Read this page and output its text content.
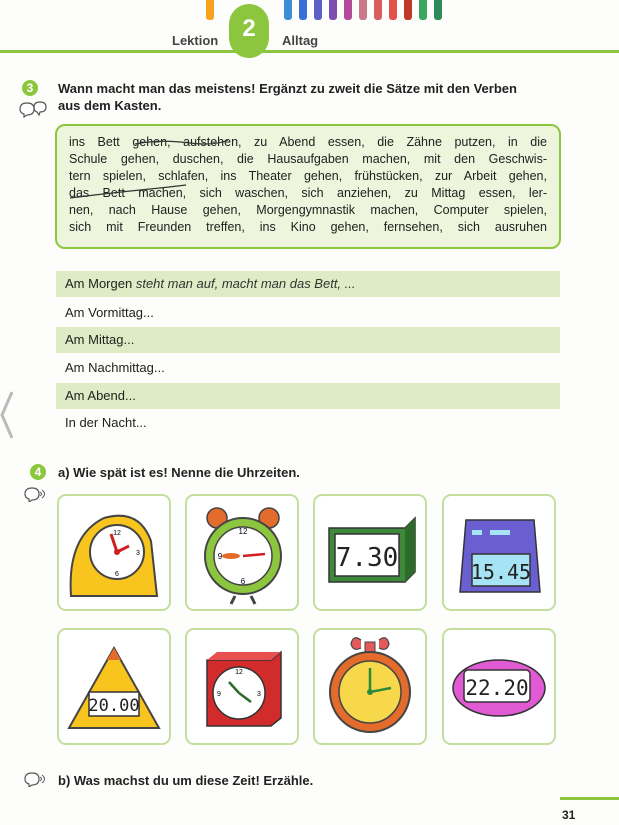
Lektion	2	Alltag
3	Wann macht man das meistens! Ergänzt zu zweit die Sätze mit den Verben
aus dem Kasten.
ins Bett gehen, aufstehen, zu Abend essen, die Zähne putzen, in die
Schule gehen, duschen, die Hausaufgaben machen, mit den Geschwis-
tern spielen, schlafen, ins Theater gehen, frühstücken, zur Arbeit gehen,
das Bett machen, sich waschen, sich anziehen, zu Mittag essen, ler-
nen, nach Hause gehen, Morgengymnastik machen, Computer spielen,
sich mit Freunden treffen, ins Kino gehen, fernsehen, sich ausruhen
Am Morgen steht man auf, macht man das Bett, ...
Am Vormittag...
Am Mittag...
Am Nachmittag...
Am Abend...
In der Nacht...
4	a) Wie spät ist es! Nenne die Uhrzeiten.
12
3
6
12
6
9	7.30	15.45
20.00
12
3
9	22.20
b) Was machst du um diese Zeit! Erzähle.
31
